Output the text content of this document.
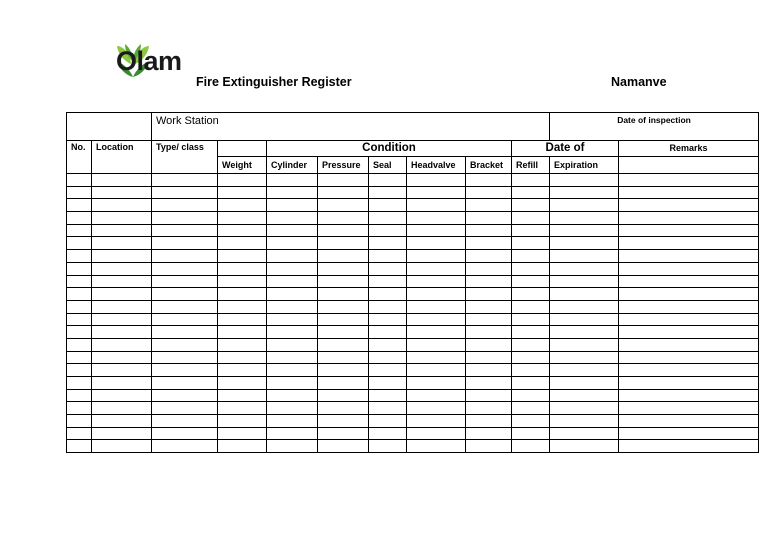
Olam
Fire Extinguisher Register	Namanve
		Work Station								Date of inspection	
No.	Location	Type/ class		Condition					Date of		Remarks
			Weight	Cylinder	Pressure	Seal	Headvalve	Bracket	Refill	Expiration	
